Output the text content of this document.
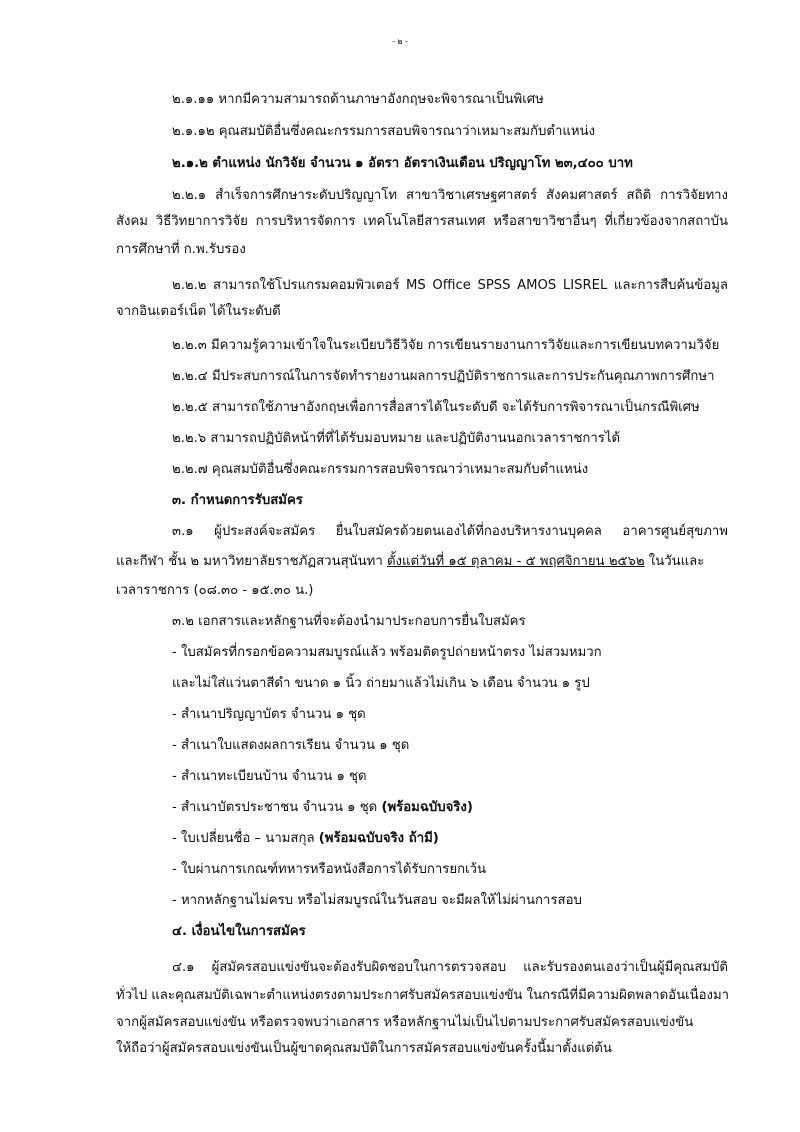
- ๒ -
๒.๑.๑๑ หากมีความสามารถด้านภาษาอังกฤษจะพิจารณาเป็นพิเศษ
๒.๑.๑๒ คุณสมบัติอื่นซึ่งคณะกรรมการสอบพิจารณาว่าเหมาะสมกับตำแหน่ง
๒.๑.๒ ตำแหน่ง นักวิจัย จำนวน ๑ อัตรา อัตราเงินเดือน ปริญญาโท ๒๓,๔๐๐ บาท
๒.๒.๑ สำเร็จการศึกษาระดับปริญญาโท สาขาวิชาเศรษฐศาสตร์ สังคมศาสตร์ สถิติ การวิจัยทาง
สังคม วิธีวิทยาการวิจัย การบริหารจัดการ เทคโนโลยีสารสนเทศ หรือสาขาวิชาอื่นๆ ที่เกี่ยวข้องจากสถาบัน
การศึกษาที่ ก.พ.รับรอง
๒.๒.๒ สามารถใช้โปรแกรมคอมพิวเตอร์ MS Office SPSS AMOS LISREL และการสืบค้นข้อมูล
จากอินเตอร์เน็ต ได้ในระดับดี
๒.๒.๓ มีความรู้ความเข้าใจในระเบียบวิธีวิจัย การเขียนรายงานการวิจัยและการเขียนบทความวิจัย
๒.๒.๔ มีประสบการณ์ในการจัดทำรายงานผลการปฏิบัติราชการและการประกันคุณภาพการศึกษา
๒.๒.๕ สามารถใช้ภาษาอังกฤษเพื่อการสื่อสารได้ในระดับดี จะได้รับการพิจารณาเป็นกรณีพิเศษ
๒.๒.๖ สามารถปฏิบัติหน้าที่ที่ได้รับมอบหมาย และปฏิบัติงานนอกเวลาราชการได้
๒.๒.๗ คุณสมบัติอื่นซึ่งคณะกรรมการสอบพิจารณาว่าเหมาะสมกับตำแหน่ง
๓. กำหนดการรับสมัคร
๓.๑ ผู้ประสงค์จะสมัคร ยื่นใบสมัครด้วยตนเองได้ที่กองบริหารงานบุคคล อาคารศูนย์สุขภาพ
และกีฬา ชั้น ๒ มหาวิทยาลัยราชภัฏสวนสุนันทา ตั้งแต่วันที่ ๑๕ ตุลาคม - ๕ พฤศจิกายน ๒๕๖๒ ในวันและ
เวลาราชการ (๐๘.๓๐ - ๑๕.๓๐ น.)
๓.๒ เอกสารและหลักฐานที่จะต้องนำมาประกอบการยื่นใบสมัคร
- ใบสมัครที่กรอกข้อความสมบูรณ์แล้ว พร้อมติดรูปถ่ายหน้าตรง ไม่สวมหมวก
และไม่ใส่แว่นตาสีดำ ขนาด ๑ นิ้ว ถ่ายมาแล้วไม่เกิน ๖ เดือน จำนวน ๑ รูป
- สำเนาปริญญาบัตร จำนวน ๑ ชุด
- สำเนาใบแสดงผลการเรียน จำนวน ๑ ชุด
- สำเนาทะเบียนบ้าน จำนวน ๑ ชุด
- สำเนาบัตรประชาชน จำนวน ๑ ชุด (พร้อมฉบับจริง)
- ใบเปลี่ยนชื่อ – นามสกุล (พร้อมฉบับจริง ถ้ามี)
- ใบผ่านการเกณฑ์ทหารหรือหนังสือการได้รับการยกเว้น
- หากหลักฐานไม่ครบ หรือไม่สมบูรณ์ในวันสอบ จะมีผลให้ไม่ผ่านการสอบ
๔. เงื่อนไขในการสมัคร
๔.๑ ผู้สมัครสอบแข่งขันจะต้องรับผิดชอบในการตรวจสอบ และรับรองตนเองว่าเป็นผู้มีคุณสมบัติ
ทั่วไป และคุณสมบัติเฉพาะตำแหน่งตรงตามประกาศรับสมัครสอบแข่งขัน ในกรณีที่มีความผิดพลาดอันเนื่องมา
จากผู้สมัครสอบแข่งขัน หรือตรวจพบว่าเอกสาร หรือหลักฐานไม่เป็นไปตามประกาศรับสมัครสอบแข่งขัน
ให้ถือว่าผู้สมัครสอบแข่งขันเป็นผู้ขาดคุณสมบัติในการสมัครสอบแข่งขันครั้งนี้มาตั้งแต่ต้น
